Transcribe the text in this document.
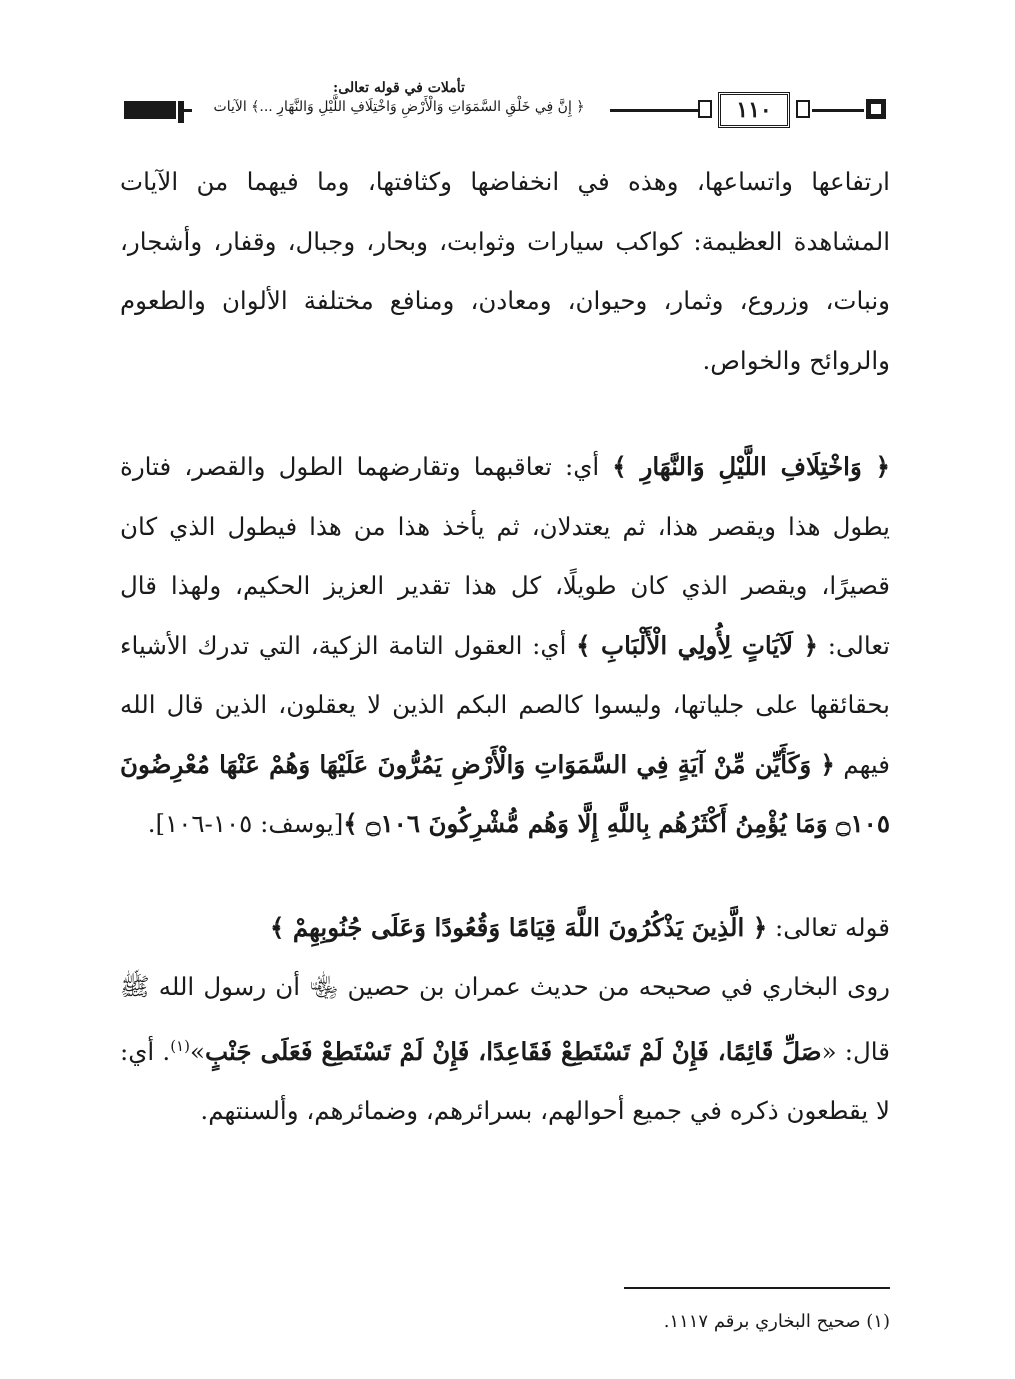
تأملات في قوله تعالى:
﴿ إِنَّ فِي خَلْقِ السَّمَوَاتِ وَالْأَرْضِ وَاخْتِلَافِ اللَّيْلِ وَالنَّهَارِ ...﴾ الآيات	١١٠

ارتفاعها واتساعها، وهذه في انخفاضها وكثافتها، وما فيهما من الآيات المشاهدة العظيمة: كواكب سيارات وثوابت، وبحار، وجبال، وقفار، وأشجار، ونبات، وزروع، وثمار، وحيوان، ومعادن، ومنافع مختلفة الألوان والطعوم والروائح والخواص.

﴿ وَاخْتِلَافِ اللَّيْلِ وَالنَّهَارِ ﴾ أي: تعاقبهما وتقارضهما الطول والقصر، فتارة يطول هذا ويقصر هذا، ثم يعتدلان، ثم يأخذ هذا من هذا فيطول الذي كان قصيرًا، ويقصر الذي كان طويلًا، كل هذا تقدير العزيز الحكيم، ولهذا قال تعالى: ﴿ لَآيَاتٍ لِأُولِي الْأَلْبَابِ ﴾ أي: العقول التامة الزكية، التي تدرك الأشياء بحقائقها على جلياتها، وليسوا كالصم البكم الذين لا يعقلون، الذين قال الله فيهم ﴿ وَكَأَيِّن مِّنْ آيَةٍ فِي السَّمَوَاتِ وَالْأَرْضِ يَمُرُّونَ عَلَيْهَا وَهُمْ عَنْهَا مُعْرِضُونَ ۝١٠٥ وَمَا يُؤْمِنُ أَكْثَرُهُم بِاللَّهِ إِلَّا وَهُم مُّشْرِكُونَ ۝١٠٦ ﴾[يوسف: ١٠٥-١٠٦].

قوله تعالى: ﴿ الَّذِينَ يَذْكُرُونَ اللَّهَ قِيَامًا وَقُعُودًا وَعَلَى جُنُوبِهِمْ ﴾
روى البخاري في صحيحه من حديث عمران بن حصين ﵄ أن رسول الله ﷺ قال: «صَلِّ قَائِمًا، فَإِنْ لَمْ تَسْتَطِعْ فَقَاعِدًا، فَإِنْ لَمْ تَسْتَطِعْ فَعَلَى جَنْبٍ»$^{(١)}$. أي: لا يقطعون ذكره في جميع أحوالهم، بسرائرهم، وضمائرهم، وألسنتهم.

(١) صحيح البخاري برقم ١١١٧.
